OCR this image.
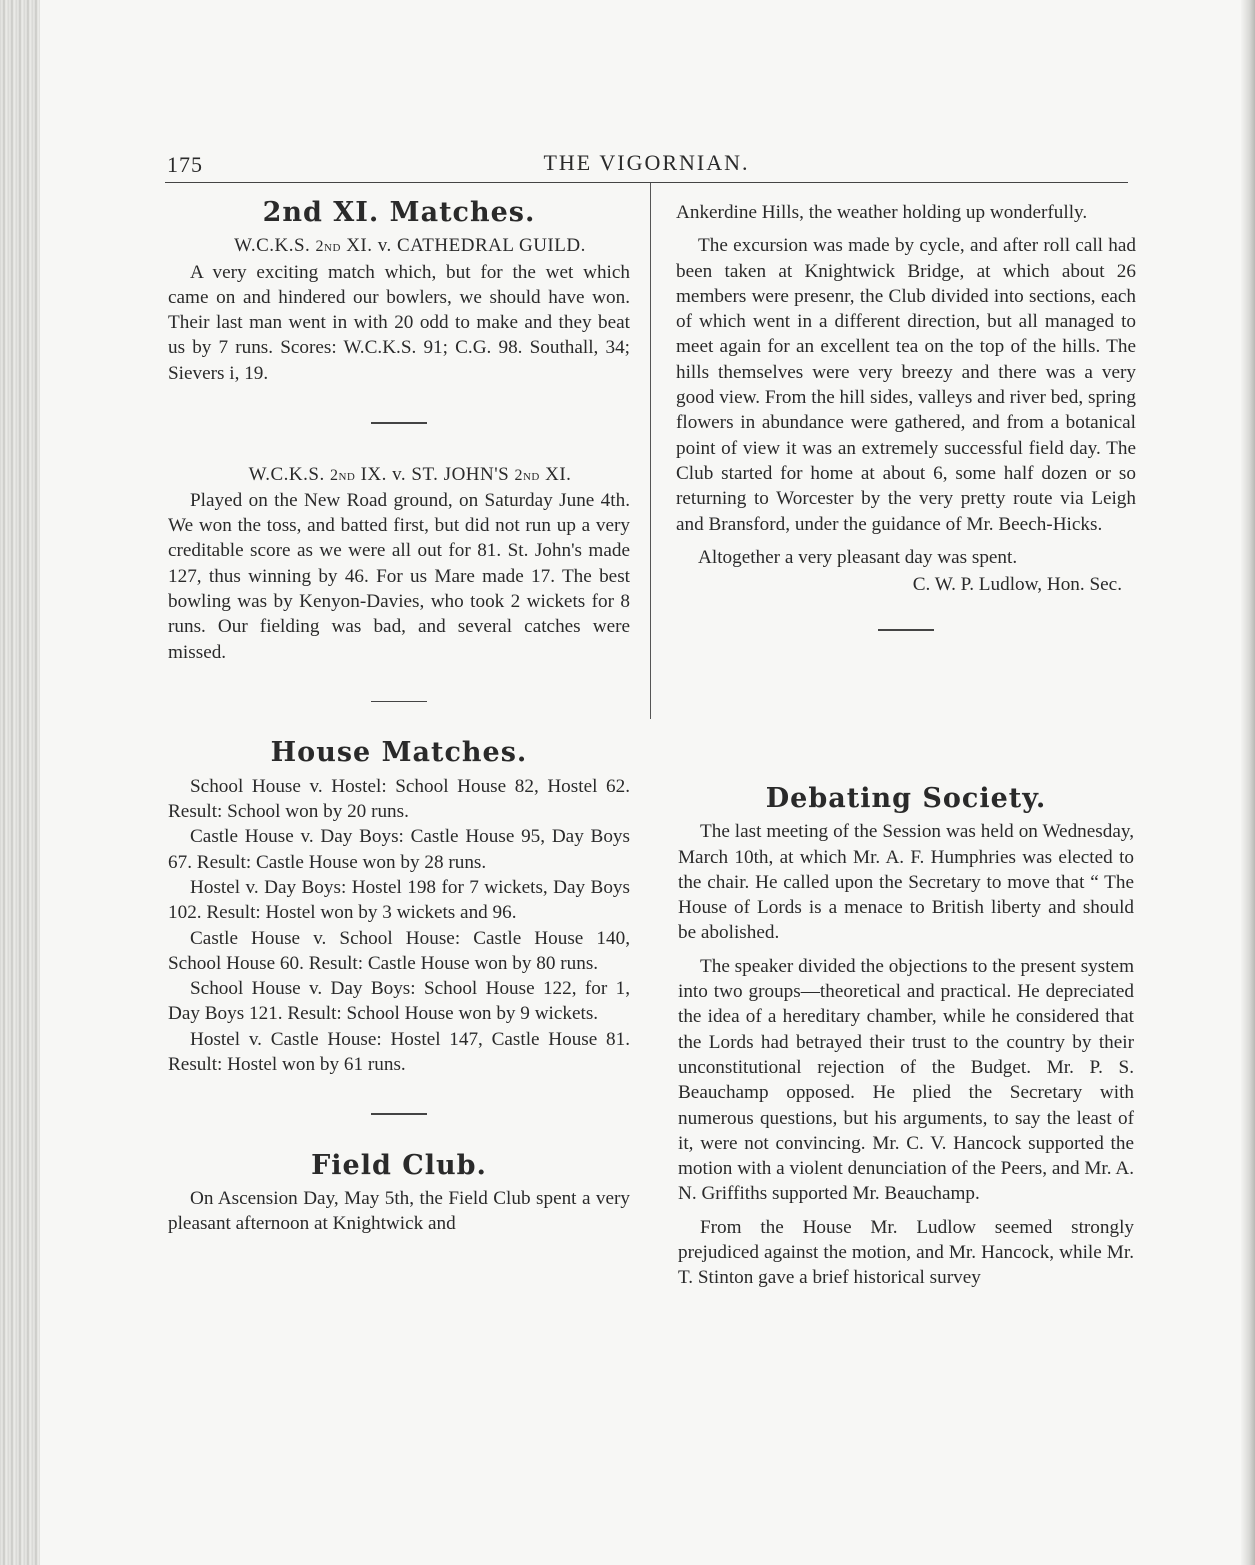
175	THE VIGORNIAN.
2nd XI. Matches.

W.C.K.S. 2nd XI. v. CATHEDRAL GUILD.

A very exciting match which, but for the wet which came on and hindered our bowlers, we should have won. Their last man went in with 20 odd to make and they beat us by 7 runs. Scores: W.C.K.S. 91; C.G. 98. Southall, 34; Sievers i, 19.

W.C.K.S. 2nd IX. v. ST. JOHN'S 2nd XI.

Played on the New Road ground, on Saturday June 4th. We won the toss, and batted first, but did not run up a very creditable score as we were all out for 81. St. John's made 127, thus winning by 46. For us Mare made 17. The best bowling was by Kenyon-Davies, who took 2 wickets for 8 runs. Our fielding was bad, and several catches were missed.

House Matches.

School House v. Hostel: School House 82, Hostel 62. Result: School won by 20 runs.

Castle House v. Day Boys: Castle House 95, Day Boys 67. Result: Castle House won by 28 runs.

Hostel v. Day Boys: Hostel 198 for 7 wickets, Day Boys 102. Result: Hostel won by 3 wickets and 96.

Castle House v. School House: Castle House 140, School House 60. Result: Castle House won by 80 runs.

School House v. Day Boys: School House 122, for 1, Day Boys 121. Result: School House won by 9 wickets.

Hostel v. Castle House: Hostel 147, Castle House 81. Result: Hostel won by 61 runs.

Field Club.

On Ascension Day, May 5th, the Field Club spent a very pleasant afternoon at Knightwick and

Ankerdine Hills, the weather holding up wonderfully.

The excursion was made by cycle, and after roll call had been taken at Knightwick Bridge, at which about 26 members were presenr, the Club divided into sections, each of which went in a different direction, but all managed to meet again for an excellent tea on the top of the hills. The hills themselves were very breezy and there was a very good view. From the hill sides, valleys and river bed, spring flowers in abundance were gathered, and from a botanical point of view it was an extremely successful field day. The Club started for home at about 6, some half dozen or so returning to Worcester by the very pretty route via Leigh and Bransford, under the guidance of Mr. Beech-Hicks.

Altogether a very pleasant day was spent.

C. W. P. Ludlow, Hon. Sec.
Debating Society.

The last meeting of the Session was held on Wednesday, March 10th, at which Mr. A. F. Humphries was elected to the chair. He called upon the Secretary to move that “ The House of Lords is a menace to British liberty and should be abolished.

The speaker divided the objections to the present system into two groups—theoretical and practical. He depreciated the idea of a hereditary chamber, while he considered that the Lords had betrayed their trust to the country by their unconstitutional rejection of the Budget. Mr. P. S. Beauchamp opposed. He plied the Secretary with numerous questions, but his arguments, to say the least of it, were not convincing. Mr. C. V. Hancock supported the motion with a violent denunciation of the Peers, and Mr. A. N. Griffiths supported Mr. Beauchamp.

From the House Mr. Ludlow seemed strongly prejudiced against the motion, and Mr. Hancock, while Mr. T. Stinton gave a brief historical survey
